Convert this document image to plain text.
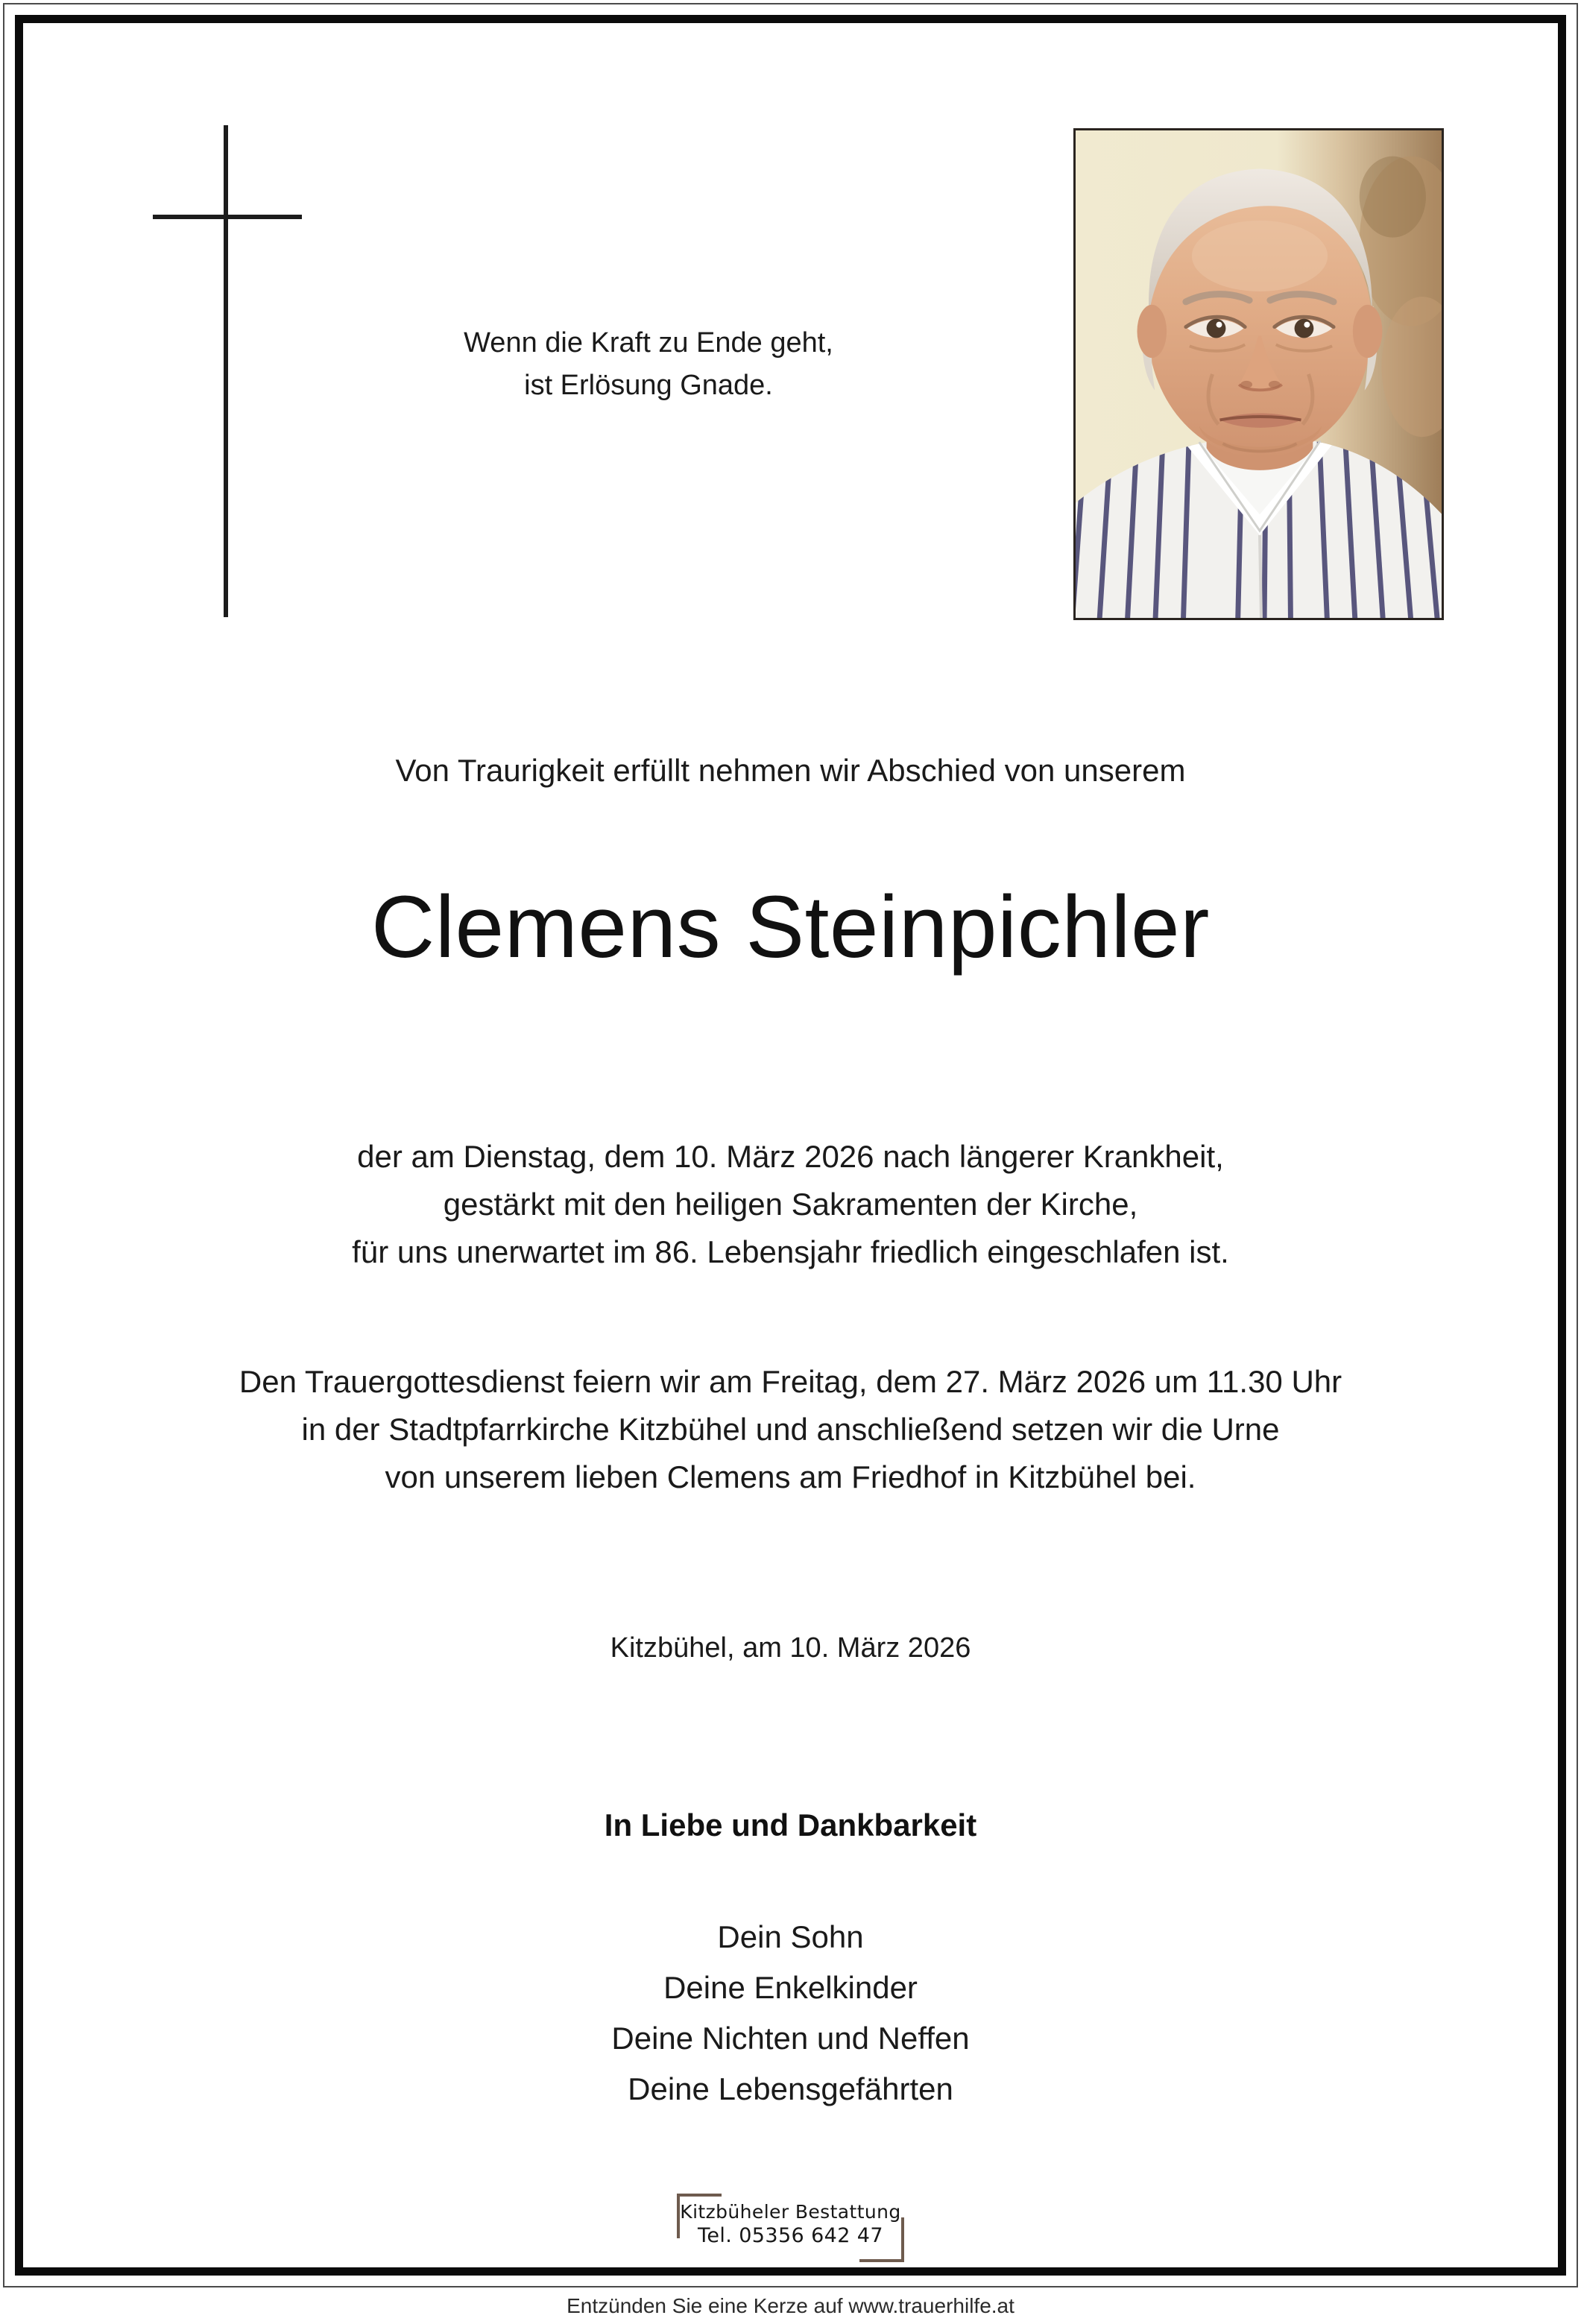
Wenn die Kraft zu Ende geht,
ist Erlösung Gnade.
Von Traurigkeit erfüllt nehmen wir Abschied von unserem
Clemens Steinpichler
der am Dienstag, dem 10. März 2026 nach längerer Krankheit,
gestärkt mit den heiligen Sakramenten der Kirche,
für uns unerwartet im 86. Lebensjahr friedlich eingeschlafen ist.
Den Trauergottesdienst feiern wir am Freitag, dem 27. März 2026 um 11.30 Uhr
in der Stadtpfarrkirche Kitzbühel und anschließend setzen wir die Urne
von unserem lieben Clemens am Friedhof in Kitzbühel bei.
Kitzbühel, am 10. März 2026
In Liebe und Dankbarkeit
Dein Sohn
Deine Enkelkinder
Deine Nichten und Neffen
Deine Lebensgefährten
Kitzbüheler Bestattung
Tel. 05356 642 47
Entzünden Sie eine Kerze auf www.trauerhilfe.at
